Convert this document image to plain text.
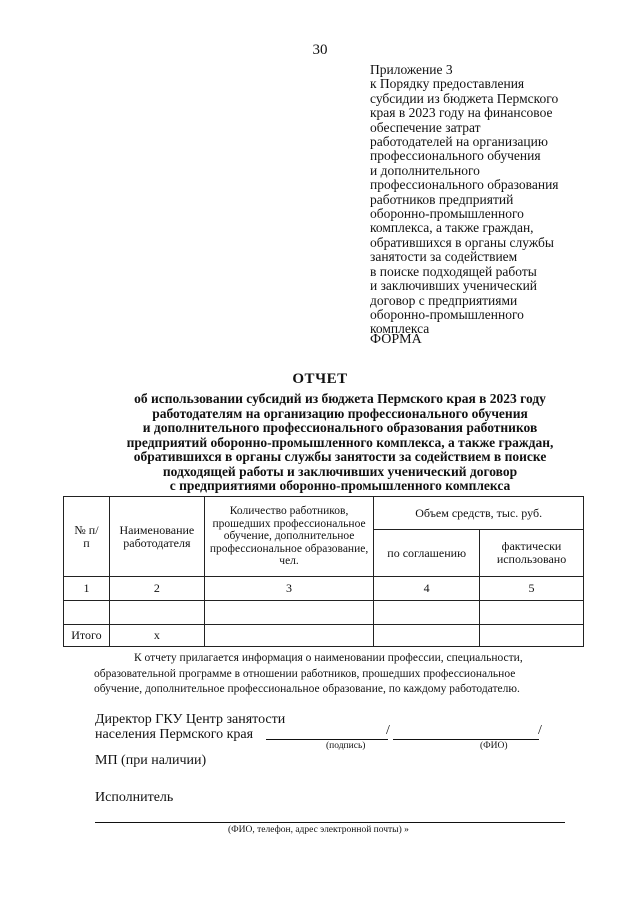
30
Приложение 3
к Порядку предоставления
субсидии из бюджета Пермского
края в 2023 году на финансовое
обеспечение затрат
работодателей на организацию
профессионального обучения
и дополнительного
профессионального образования
работников предприятий
оборонно-промышленного
комплекса, а также граждан,
обратившихся в органы службы
занятости за содействием
в поиске подходящей работы
и заключивших ученический
договор с предприятиями
оборонно-промышленного
комплекса
ФОРМА
ОТЧЕТ
об использовании субсидий из бюджета Пермского края в 2023 году
работодателям на организацию профессионального обучения
и дополнительного профессионального образования работников
предприятий оборонно-промышленного комплекса, а также граждан,
обратившихся в органы службы занятости за содействием в поиске
подходящей работы и заключивших ученический договор
с предприятиями оборонно-промышленного комплекса
№ п/п	Наименование работодателя	Количество работников, прошедших профессиональное обучение, дополнительное профессиональное образование, чел.	Объем средств, тыс. руб.	
			по соглашению	фактически использовано
1	2	3	4	5

Итого	х			
К отчету прилагается информация о наименовании профессии, специальности,
образовательной программе в отношении работников, прошедших профессиональное
обучение, дополнительное профессиональное образование, по каждому работодателю.
Директор ГКУ Центр занятости
населения Пермского края	/	/
(подпись)	(ФИО)
МП (при наличии)
Исполнитель
(ФИО, телефон, адрес электронной почты) »
